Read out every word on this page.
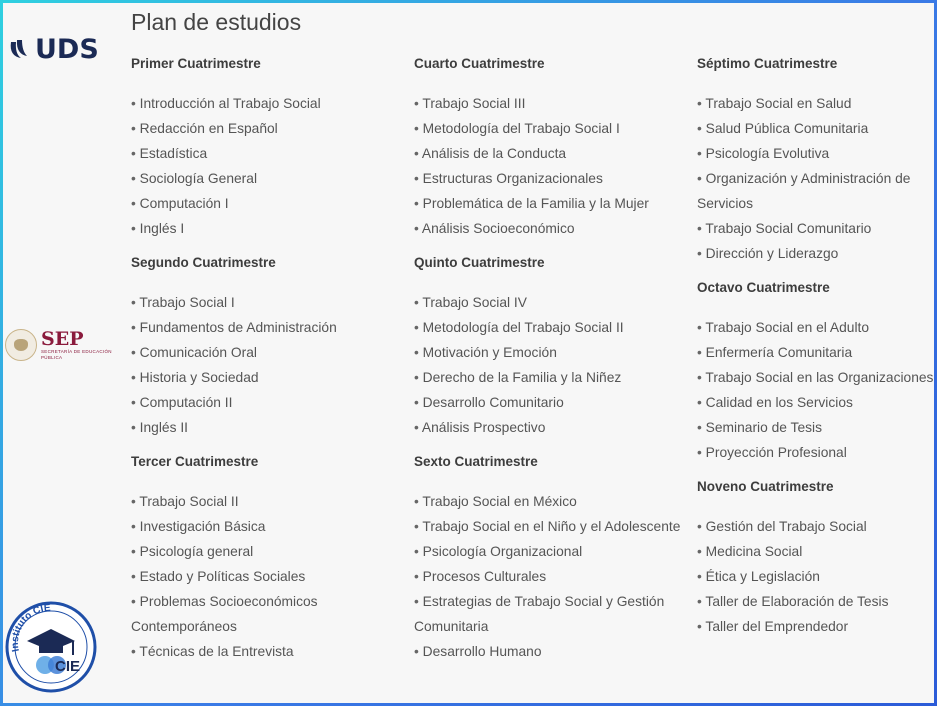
UDS
SEP
SECRETARÍA DE EDUCACIÓN PÚBLICA
Instituto CIE
CIE
Plan de estudios
Primer Cuatrimestre
• Introducción al Trabajo Social
• Redacción en Español
• Estadística
• Sociología General
• Computación I
• Inglés I
Segundo Cuatrimestre
• Trabajo Social I
• Fundamentos de Administración
• Comunicación Oral
• Historia y Sociedad
• Computación II
• Inglés II
Tercer Cuatrimestre
• Trabajo Social II
• Investigación Básica
• Psicología general
• Estado y Políticas Sociales
• Problemas Socioeconómicos Contemporáneos
• Técnicas de la Entrevista
Cuarto Cuatrimestre
• Trabajo Social III
• Metodología del Trabajo Social I
• Análisis de la Conducta
• Estructuras Organizacionales
• Problemática de la Familia y la Mujer
• Análisis Socioeconómico
Quinto Cuatrimestre
• Trabajo Social IV
• Metodología del Trabajo Social II
• Motivación y Emoción
• Derecho de la Familia y la Niñez
• Desarrollo Comunitario
• Análisis Prospectivo
Sexto Cuatrimestre
• Trabajo Social en México
• Trabajo Social en el Niño y el Adolescente
• Psicología Organizacional
• Procesos Culturales
• Estrategias de Trabajo Social y Gestión Comunitaria
• Desarrollo Humano
Séptimo Cuatrimestre
• Trabajo Social en Salud
• Salud Pública Comunitaria
• Psicología Evolutiva
• Organización y Administración de Servicios
• Trabajo Social Comunitario
• Dirección y Liderazgo
Octavo Cuatrimestre
• Trabajo Social en el Adulto
• Enfermería Comunitaria
• Trabajo Social en las Organizaciones
• Calidad en los Servicios
• Seminario de Tesis
• Proyección Profesional
Noveno Cuatrimestre
• Gestión del Trabajo Social
• Medicina Social
• Ética y Legislación
• Taller de Elaboración de Tesis
• Taller del Emprendedor
